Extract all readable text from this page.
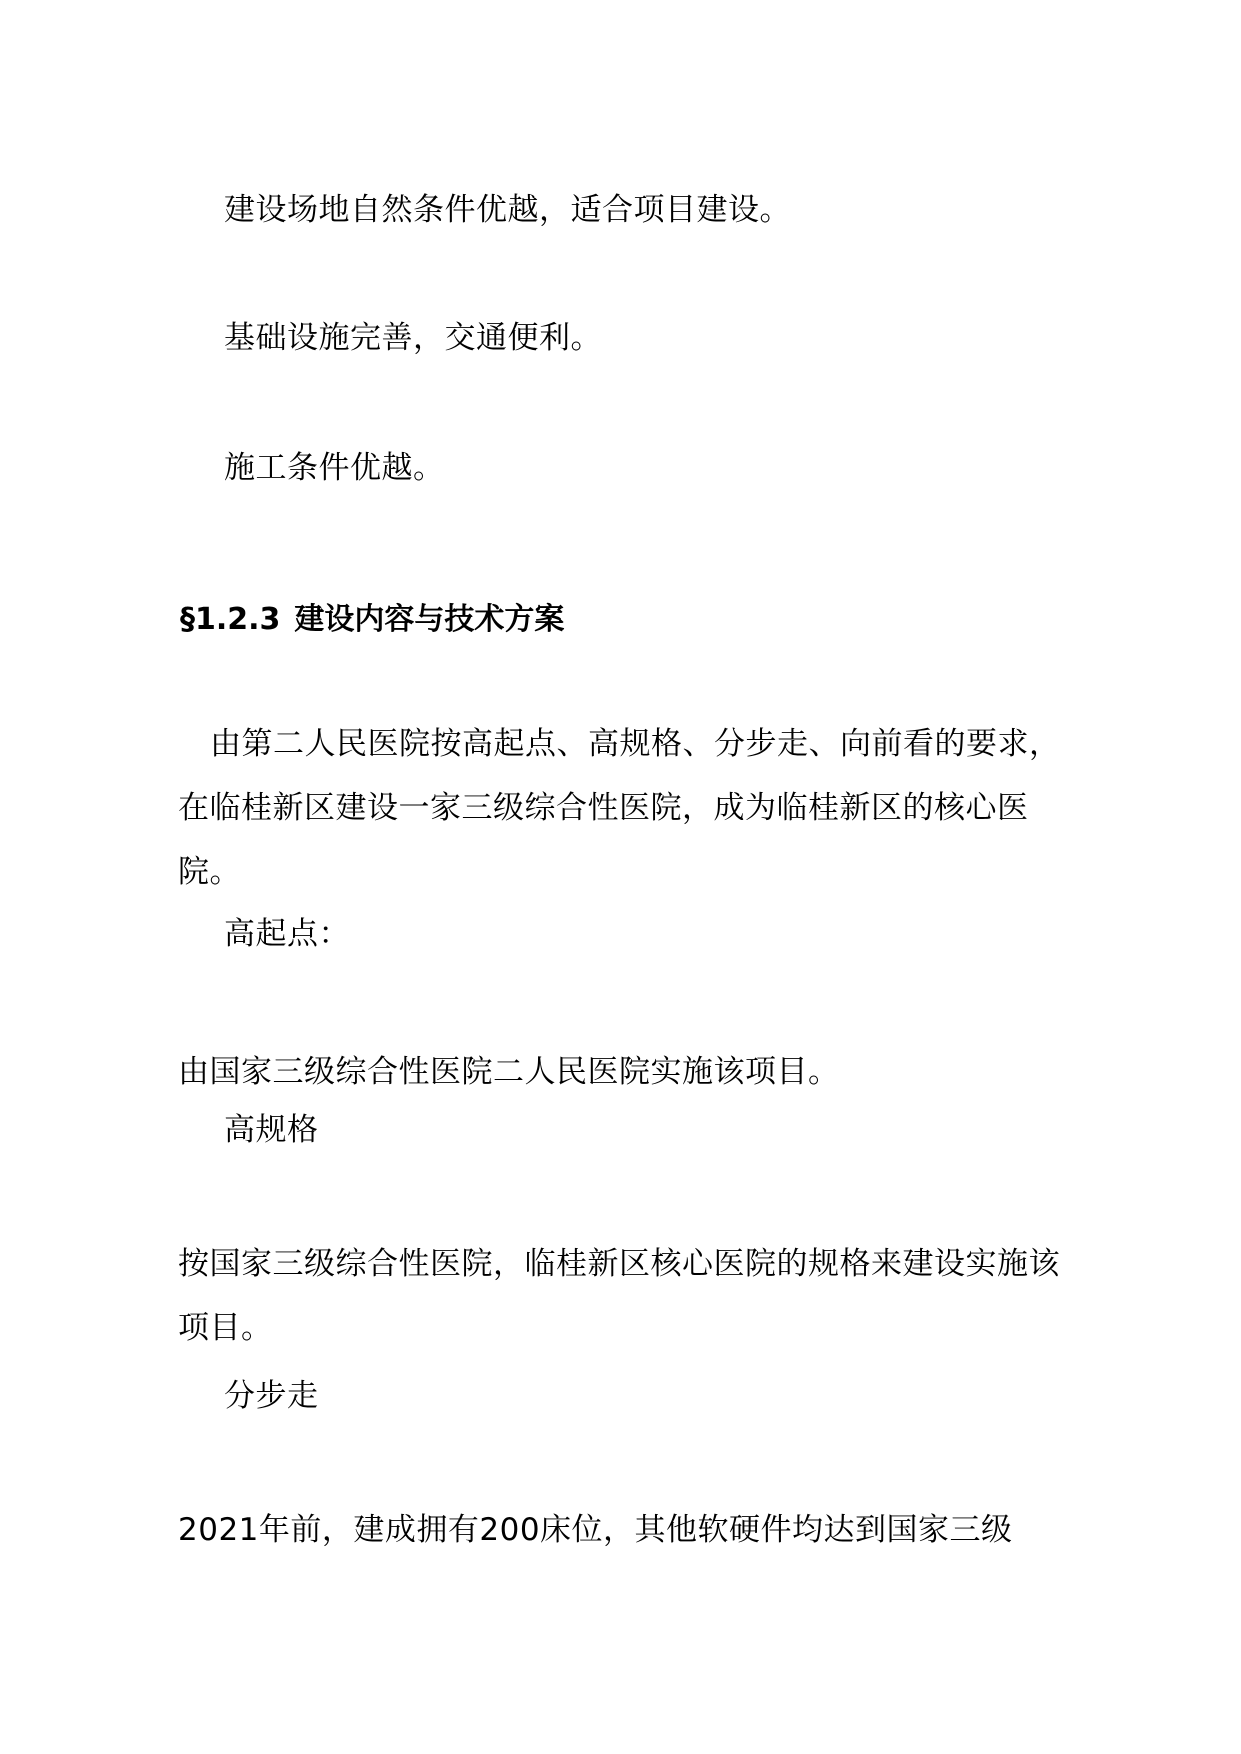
建设场地自然条件优越，适合项目建设。
基础设施完善，交通便利。
施工条件优越。
§1.2.3 建设内容与技术方案

由第二人民医院按高起点、高规格、分步走、向前看的要求，在临桂新区建设一家三级综合性医院，成为临桂新区的核心医院。

高起点：
由国家三级综合性医院二人民医院实施该项目。
高规格

按国家三级综合性医院，临桂新区核心医院的规格来建设实施该项目。

分步走
2021年前，建成拥有200床位，其他软硬件均达到国家三级
